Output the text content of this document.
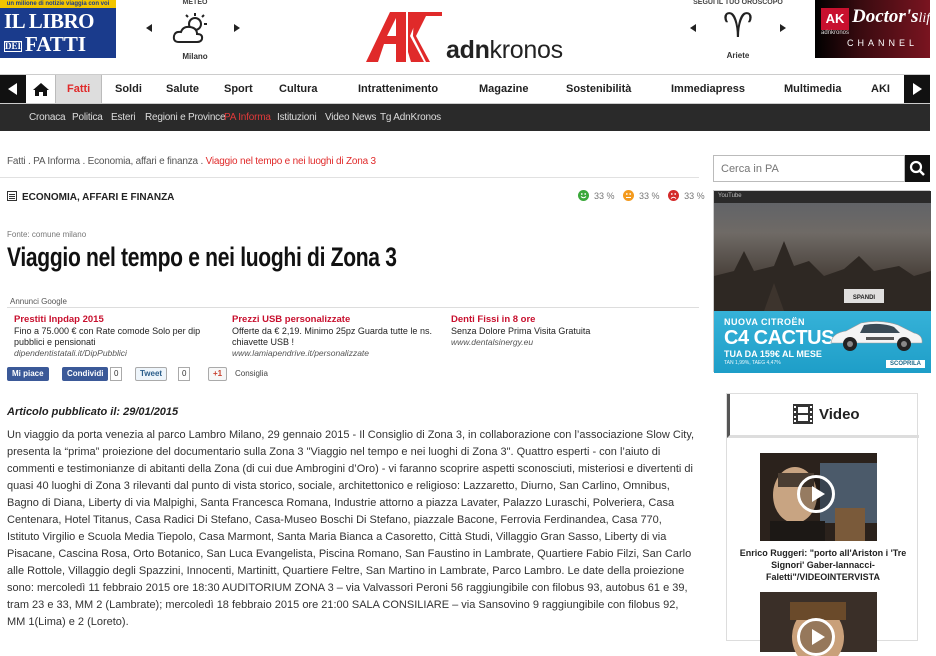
un milione di notizie viaggia con voi
IL LIBRO
DEI FATTI
METEO
Milano	adnkronos
SEGUI IL TUO OROSCOPO
♈
Ariete
AK Doctor'slife
adnkronos
CHANNEL
Fatti	Soldi Salute Sport Cultura	Intrattenimento	Magazine	Sostenibilità	Immediapress	Multimedia	AKI
Cronaca Politica Esteri Regioni e Province
PA Informa Istituzioni Video News Tg AdnKronos
Fatti . PA Informa . Economia, affari e finanza . Viaggio nel tempo e nei luoghi di Zona 3
ECONOMIA, AFFARI E FINANZA	33 %	33 %	33 %
Fonte: comune milano
Viaggio nel tempo e nei luoghi di Zona 3
Annunci Google
Prestiti Inpdap 2015
Fino a 75.000 € con Rate comode Solo per dip pubblici e pensionati
dipendentistatali.it/DipPubblici
Prezzi USB personalizzate
Offerte da € 2,19. Minimo 25pz Guarda tutte le ns. chiavette USB !
www.lamiapendrive.it/personalizzate
Denti Fissi in 8 ore
Senza Dolore Prima Visita Gratuita
www.dentalsinergy.eu
Mi piace	Condividi	0	Tweet	0	+1	Consiglia
Articolo pubblicato il: 29/01/2015
Un viaggio da porta venezia al parco Lambro Milano, 29 gennaio 2015 - Il Consiglio di Zona 3, in collaborazione con l’associazione Slow City, presenta la “prima” proiezione del documentario sulla Zona 3 "Viaggio nel tempo e nei luoghi di Zona 3". Quattro esperti - con l’aiuto di commenti e testimonianze di abitanti della Zona (di cui due Ambrogini d’Oro) - vi faranno scoprire aspetti sconosciuti, misteriosi e divertenti di quasi 40 luoghi di Zona 3 rilevanti dal punto di vista storico, sociale, architettonico e religioso: Lazzaretto, Diurno, San Carlino, Omnibus, Bagno di Diana, Liberty di via Malpighi, Santa Francesca Romana, Industrie attorno a piazza Lavater, Palazzo Luraschi, Polveriera, Casa Centenara, Hotel Titanus, Casa Radici Di Stefano, Casa-Museo Boschi Di Stefano, piazzale Bacone, Ferrovia Ferdinandea, Casa 770, Istituto Virgilio e Scuola Media Tiepolo, Casa Marmont, Santa Maria Bianca a Casoretto, Città Studi, Villaggio Gran Sasso, Liberty di via Pisacane, Cascina Rosa, Orto Botanico, San Luca Evangelista, Piscina Romano, San Faustino in Lambrate, Quartiere Fabio Filzi, San Carlo alle Rottole, Villaggio degli Spazzini, Innocenti, Martinitt, Quartiere Feltre, San Martino in Lambrate, Parco Lambro. Le date della proiezione sono: mercoledì 11 febbraio 2015 ore 18:30 AUDITORIUM ZONA 3 – via Valvassori Peroni 56 raggiungibile con filobus 93, autobus 61 e 39, tram 23 e 33, MM 2 (Lambrate); mercoledì 18 febbraio 2015 ore 21:00 SALA CONSILIARE – via Sansovino 9 raggiungibile con filobus 92, MM 1(Lima) e 2 (Loreto).
Cerca in PA
YouTube
SPANDI
NUOVA CITROËN
C4 CACTUS
TUA DA 159€ AL MESE
TAN 1,99%, TAEG 4,47%	SCOPRILA
Video
Enrico Ruggeri: "porto all'Ariston i 'Tre Signori' Gaber-Iannacci-Faletti"/VIDEOINTERVISTA
